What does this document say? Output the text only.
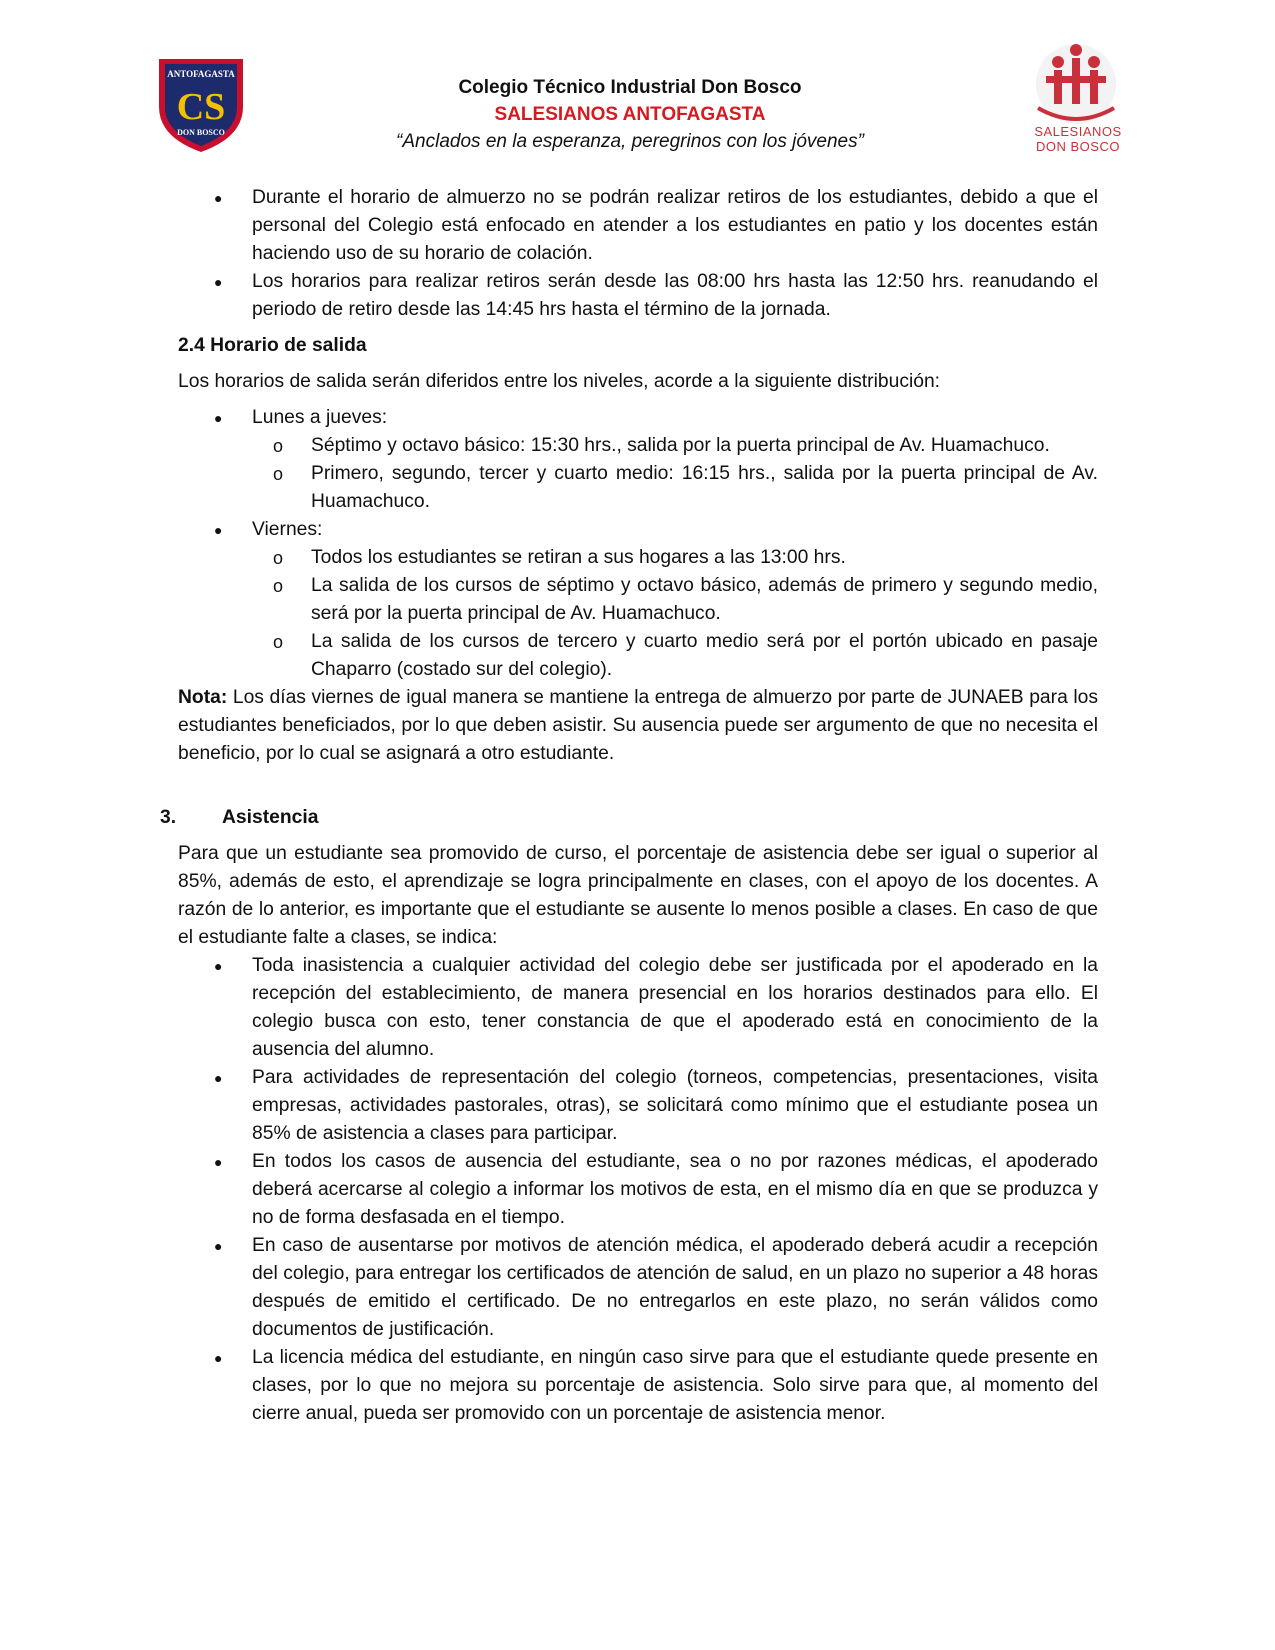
ANTOFAGASTA
CS
DON BOSCO
Colegio Técnico Industrial Don Bosco
SALESIANOS ANTOFAGASTA
“Anclados en la esperanza, peregrinos con los jóvenes”	SALESIANOS
DON BOSCO
● Durante el horario de almuerzo no se podrán realizar retiros de los estudiantes, debido a que el personal del Colegio está enfocado en atender a los estudiantes en patio y los docentes están haciendo uso de su horario de colación.

● Los horarios para realizar retiros serán desde las 08:00 hrs hasta las 12:50 hrs. reanudando el periodo de retiro desde las 14:45 hrs hasta el término de la jornada.

2.4 Horario de salida

Los horarios de salida serán diferidos entre los niveles, acorde a la siguiente distribución:

● Lunes a jueves:

o Séptimo y octavo básico: 15:30 hrs., salida por la puerta principal de Av. Huamachuco.

o Primero, segundo, tercer y cuarto medio: 16:15 hrs., salida por la puerta principal de Av. Huamachuco.

● Viernes:

o Todos los estudiantes se retiran a sus hogares a las 13:00 hrs.

o La salida de los cursos de séptimo y octavo básico, además de primero y segundo medio, será por la puerta principal de Av. Huamachuco.

o La salida de los cursos de tercero y cuarto medio será por el portón ubicado en pasaje Chaparro (costado sur del colegio).

Nota: Los días viernes de igual manera se mantiene la entrega de almuerzo por parte de JUNAEB para los estudiantes beneficiados, por lo que deben asistir. Su ausencia puede ser argumento de que no necesita el beneficio, por lo cual se asignará a otro estudiante.

3. Asistencia

Para que un estudiante sea promovido de curso, el porcentaje de asistencia debe ser igual o superior al 85%, además de esto, el aprendizaje se logra principalmente en clases, con el apoyo de los docentes. A razón de lo anterior, es importante que el estudiante se ausente lo menos posible a clases. En caso de que el estudiante falte a clases, se indica:

● Toda inasistencia a cualquier actividad del colegio debe ser justificada por el apoderado en la recepción del establecimiento, de manera presencial en los horarios destinados para ello. El colegio busca con esto, tener constancia de que el apoderado está en conocimiento de la ausencia del alumno.

● Para actividades de representación del colegio (torneos, competencias, presentaciones, visita empresas, actividades pastorales, otras), se solicitará como mínimo que el estudiante posea un 85% de asistencia a clases para participar.

● En todos los casos de ausencia del estudiante, sea o no por razones médicas, el apoderado deberá acercarse al colegio a informar los motivos de esta, en el mismo día en que se produzca y no de forma desfasada en el tiempo.

● En caso de ausentarse por motivos de atención médica, el apoderado deberá acudir a recepción del colegio, para entregar los certificados de atención de salud, en un plazo no superior a 48 horas después de emitido el certificado. De no entregarlos en este plazo, no serán válidos como documentos de justificación.

● La licencia médica del estudiante, en ningún caso sirve para que el estudiante quede presente en clases, por lo que no mejora su porcentaje de asistencia. Solo sirve para que, al momento del cierre anual, pueda ser promovido con un porcentaje de asistencia menor.
